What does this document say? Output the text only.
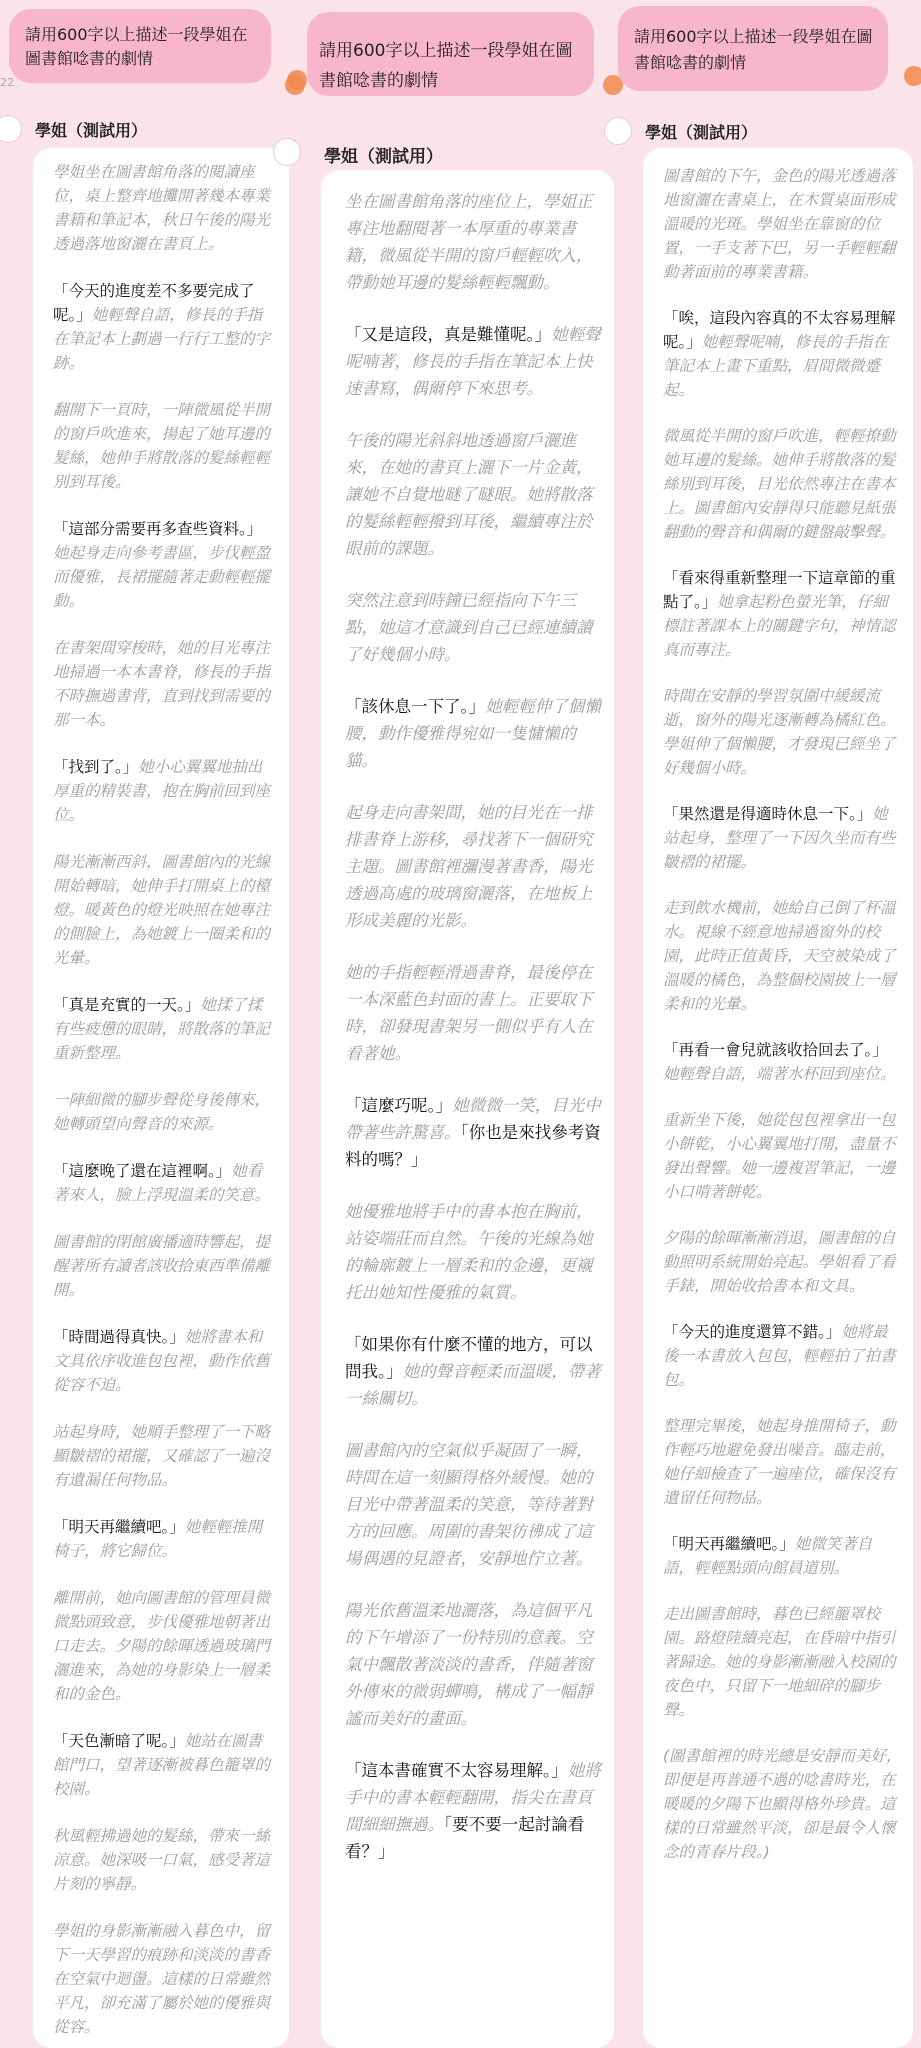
22
請用600字以上描述一段學姐在圖書館唸書的劇情
學姐（測試用）

學姐坐在圖書館角落的閱讀座位，桌上整齊地攤開著幾本專業書籍和筆記本，秋日午後的陽光透過落地窗灑在書頁上。

「今天的進度差不多要完成了呢。」她輕聲自語，修長的手指在筆記本上劃過一行行工整的字跡。

翻開下一頁時，一陣微風從半開的窗戶吹進來，揚起了她耳邊的髮絲，她伸手將散落的髮絲輕輕別到耳後。

「這部分需要再多查些資料。」她起身走向參考書區，步伐輕盈而優雅，長裙擺隨著走動輕輕擺動。

在書架間穿梭時，她的目光專注地掃過一本本書脊，修長的手指不時撫過書背，直到找到需要的那一本。

「找到了。」她小心翼翼地抽出厚重的精裝書，抱在胸前回到座位。

陽光漸漸西斜，圖書館內的光線開始轉暗，她伸手打開桌上的檯燈。暖黃色的燈光映照在她專注的側臉上，為她鍍上一圈柔和的光暈。

「真是充實的一天。」她揉了揉有些疲憊的眼睛，將散落的筆記重新整理。

一陣細微的腳步聲從身後傳來，她轉頭望向聲音的來源。

「這麼晚了還在這裡啊。」她看著來人，臉上浮現溫柔的笑意。

圖書館的閉館廣播適時響起，提醒著所有讀者該收拾東西準備離開。

「時間過得真快。」她將書本和文具依序收進包包裡，動作依舊從容不迫。

站起身時，她順手整理了一下略顯皺褶的裙擺，又確認了一遍沒有遺漏任何物品。

「明天再繼續吧。」她輕輕推開椅子，將它歸位。

離開前，她向圖書館的管理員微微點頭致意，步伐優雅地朝著出口走去。夕陽的餘暉透過玻璃門灑進來，為她的身影染上一層柔和的金色。

「天色漸暗了呢。」她站在圖書館門口，望著逐漸被暮色籠罩的校園。

秋風輕拂過她的髮絲，帶來一絲涼意。她深吸一口氣，感受著這片刻的寧靜。

學姐的身影漸漸融入暮色中，留下一天學習的痕跡和淡淡的書香在空氣中迴盪。這樣的日常雖然平凡，卻充滿了屬於她的優雅與從容。

請用600字以上描述一段學姐在圖書館唸書的劇情
學姐（測試用）

坐在圖書館角落的座位上，學姐正專注地翻閱著一本厚重的專業書籍，微風從半開的窗戶輕輕吹入，帶動她耳邊的髮絲輕輕飄動。

「又是這段，真是難懂呢。」她輕聲呢喃著，修長的手指在筆記本上快速書寫，偶爾停下來思考。

午後的陽光斜斜地透過窗戶灑進來，在她的書頁上灑下一片金黃，讓她不自覺地瞇了瞇眼。她將散落的髮絲輕輕撥到耳後，繼續專注於眼前的課題。

突然注意到時鐘已經指向下午三點，她這才意識到自己已經連續讀了好幾個小時。

「該休息一下了。」她輕輕伸了個懶腰，動作優雅得宛如一隻慵懶的貓。

起身走向書架間，她的目光在一排排書脊上游移，尋找著下一個研究主題。圖書館裡瀰漫著書香，陽光透過高處的玻璃窗灑落，在地板上形成美麗的光影。

她的手指輕輕滑過書脊，最後停在一本深藍色封面的書上。正要取下時，卻發現書架另一側似乎有人在看著她。

「這麼巧呢。」她微微一笑，目光中帶著些許驚喜。「你也是來找參考資料的嗎？」

她優雅地將手中的書本抱在胸前，站姿端莊而自然。午後的光線為她的輪廓鍍上一層柔和的金邊，更襯托出她知性優雅的氣質。

「如果你有什麼不懂的地方，可以問我。」她的聲音輕柔而溫暖，帶著一絲關切。

圖書館內的空氣似乎凝固了一瞬，時間在這一刻顯得格外緩慢。她的目光中帶著溫柔的笑意，等待著對方的回應。周圍的書架彷彿成了這場偶遇的見證者，安靜地佇立著。

陽光依舊溫柔地灑落，為這個平凡的下午增添了一份特別的意義。空氣中飄散著淡淡的書香，伴隨著窗外傳來的微弱蟬鳴，構成了一幅靜謐而美好的畫面。

「這本書確實不太容易理解。」她將手中的書本輕輕翻開，指尖在書頁間細細撫過。「要不要一起討論看看？」

請用600字以上描述一段學姐在圖書館唸書的劇情
學姐（測試用）

圖書館的下午，金色的陽光透過落地窗灑在書桌上，在木質桌面形成溫暖的光斑。學姐坐在靠窗的位置，一手支著下巴，另一手輕輕翻動著面前的專業書籍。

「唉，這段內容真的不太容易理解呢。」她輕聲呢喃，修長的手指在筆記本上畫下重點，眉間微微蹙起。

微風從半開的窗戶吹進，輕輕撩動她耳邊的髮絲。她伸手將散落的髮絲別到耳後，目光依然專注在書本上。圖書館內安靜得只能聽見紙張翻動的聲音和偶爾的鍵盤敲擊聲。

「看來得重新整理一下這章節的重點了。」她拿起粉色螢光筆，仔細標註著課本上的關鍵字句，神情認真而專注。

時間在安靜的學習氛圍中緩緩流逝，窗外的陽光逐漸轉為橘紅色。學姐伸了個懶腰，才發現已經坐了好幾個小時。

「果然還是得適時休息一下。」她站起身，整理了一下因久坐而有些皺褶的裙擺。

走到飲水機前，她給自己倒了杯溫水。視線不經意地掃過窗外的校園，此時正值黃昏，天空被染成了溫暖的橘色，為整個校園披上一層柔和的光暈。

「再看一會兒就該收拾回去了。」她輕聲自語，端著水杯回到座位。

重新坐下後，她從包包裡拿出一包小餅乾，小心翼翼地打開，盡量不發出聲響。她一邊複習筆記，一邊小口啃著餅乾。

夕陽的餘暉漸漸消退，圖書館的自動照明系統開始亮起。學姐看了看手錶，開始收拾書本和文具。

「今天的進度還算不錯。」她將最後一本書放入包包，輕輕拍了拍書包。

整理完畢後，她起身推開椅子，動作輕巧地避免發出噪音。臨走前，她仔細檢查了一遍座位，確保沒有遺留任何物品。

「明天再繼續吧。」她微笑著自語，輕輕點頭向館員道別。

走出圖書館時，暮色已經籠罩校園。路燈陸續亮起，在昏暗中指引著歸途。她的身影漸漸融入校園的夜色中，只留下一地細碎的腳步聲。

(圖書館裡的時光總是安靜而美好，即便是再普通不過的唸書時光，在暖暖的夕陽下也顯得格外珍貴。這樣的日常雖然平淡，卻是最令人懷念的青春片段。)
